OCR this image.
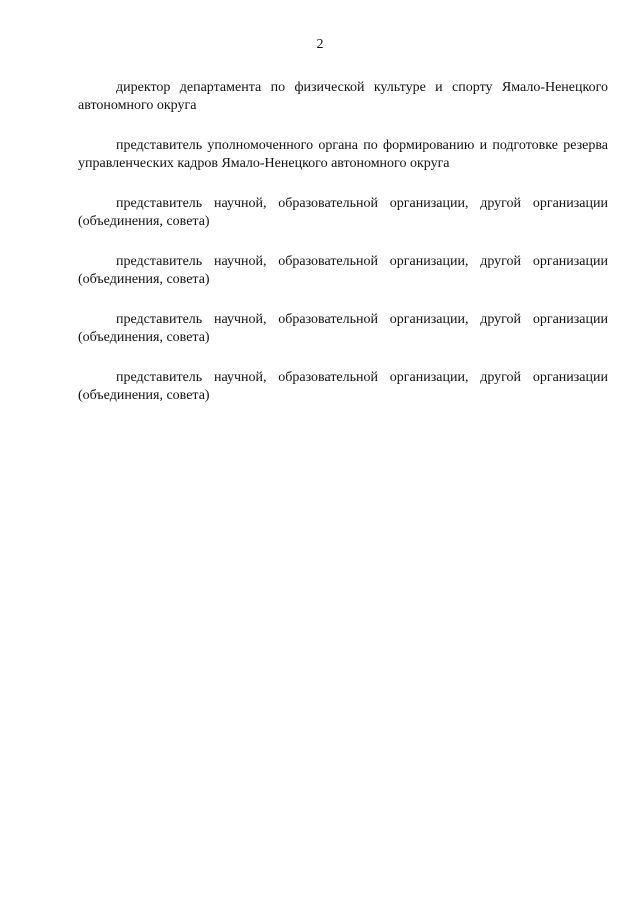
2

директор департамента по физической культуре и спорту Ямало-Ненецкого автономного округа

представитель уполномоченного органа по формированию и подготовке резерва управленческих кадров Ямало-Ненецкого автономного округа

представитель научной, образовательной организации, другой организации (объединения, совета)

представитель научной, образовательной организации, другой организации (объединения, совета)

представитель научной, образовательной организации, другой организации (объединения, совета)

представитель научной, образовательной организации, другой организации (объединения, совета)
